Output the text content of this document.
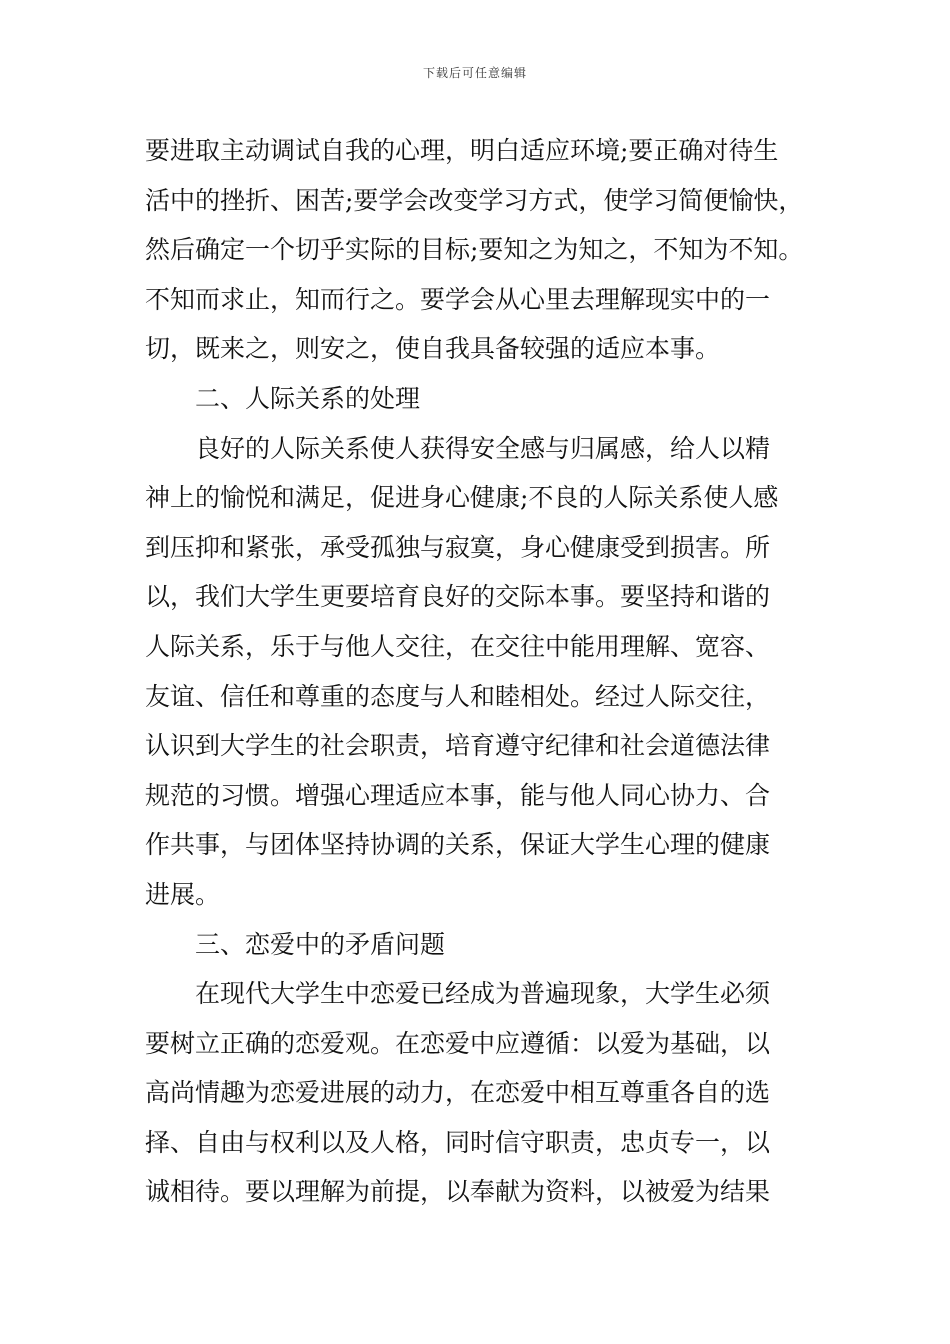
下载后可任意编辑
要进取主动调试自我的心理，明白适应环境;要正确对待生
活中的挫折、困苦;要学会改变学习方式，使学习简便愉快，
然后确定一个切乎实际的目标;要知之为知之，不知为不知。
不知而求止，知而行之。要学会从心里去理解现实中的一
切，既来之，则安之，使自我具备较强的适应本事。
　　二、人际关系的处理
　　良好的人际关系使人获得安全感与归属感，给人以精
神上的愉悦和满足，促进身心健康;不良的人际关系使人感
到压抑和紧张，承受孤独与寂寞，身心健康受到损害。所
以，我们大学生更要培育良好的交际本事。要坚持和谐的
人际关系，乐于与他人交往，在交往中能用理解、宽容、
友谊、信任和尊重的态度与人和睦相处。经过人际交往，
认识到大学生的社会职责，培育遵守纪律和社会道德法律
规范的习惯。增强心理适应本事，能与他人同心协力、合
作共事，与团体坚持协调的关系，保证大学生心理的健康
进展。
　　三、恋爱中的矛盾问题
　　在现代大学生中恋爱已经成为普遍现象，大学生必须
要树立正确的恋爱观。在恋爱中应遵循：以爱为基础，以
高尚情趣为恋爱进展的动力，在恋爱中相互尊重各自的选
择、自由与权利以及人格，同时信守职责，忠贞专一，以
诚相待。要以理解为前提，以奉献为资料，以被爱为结果
